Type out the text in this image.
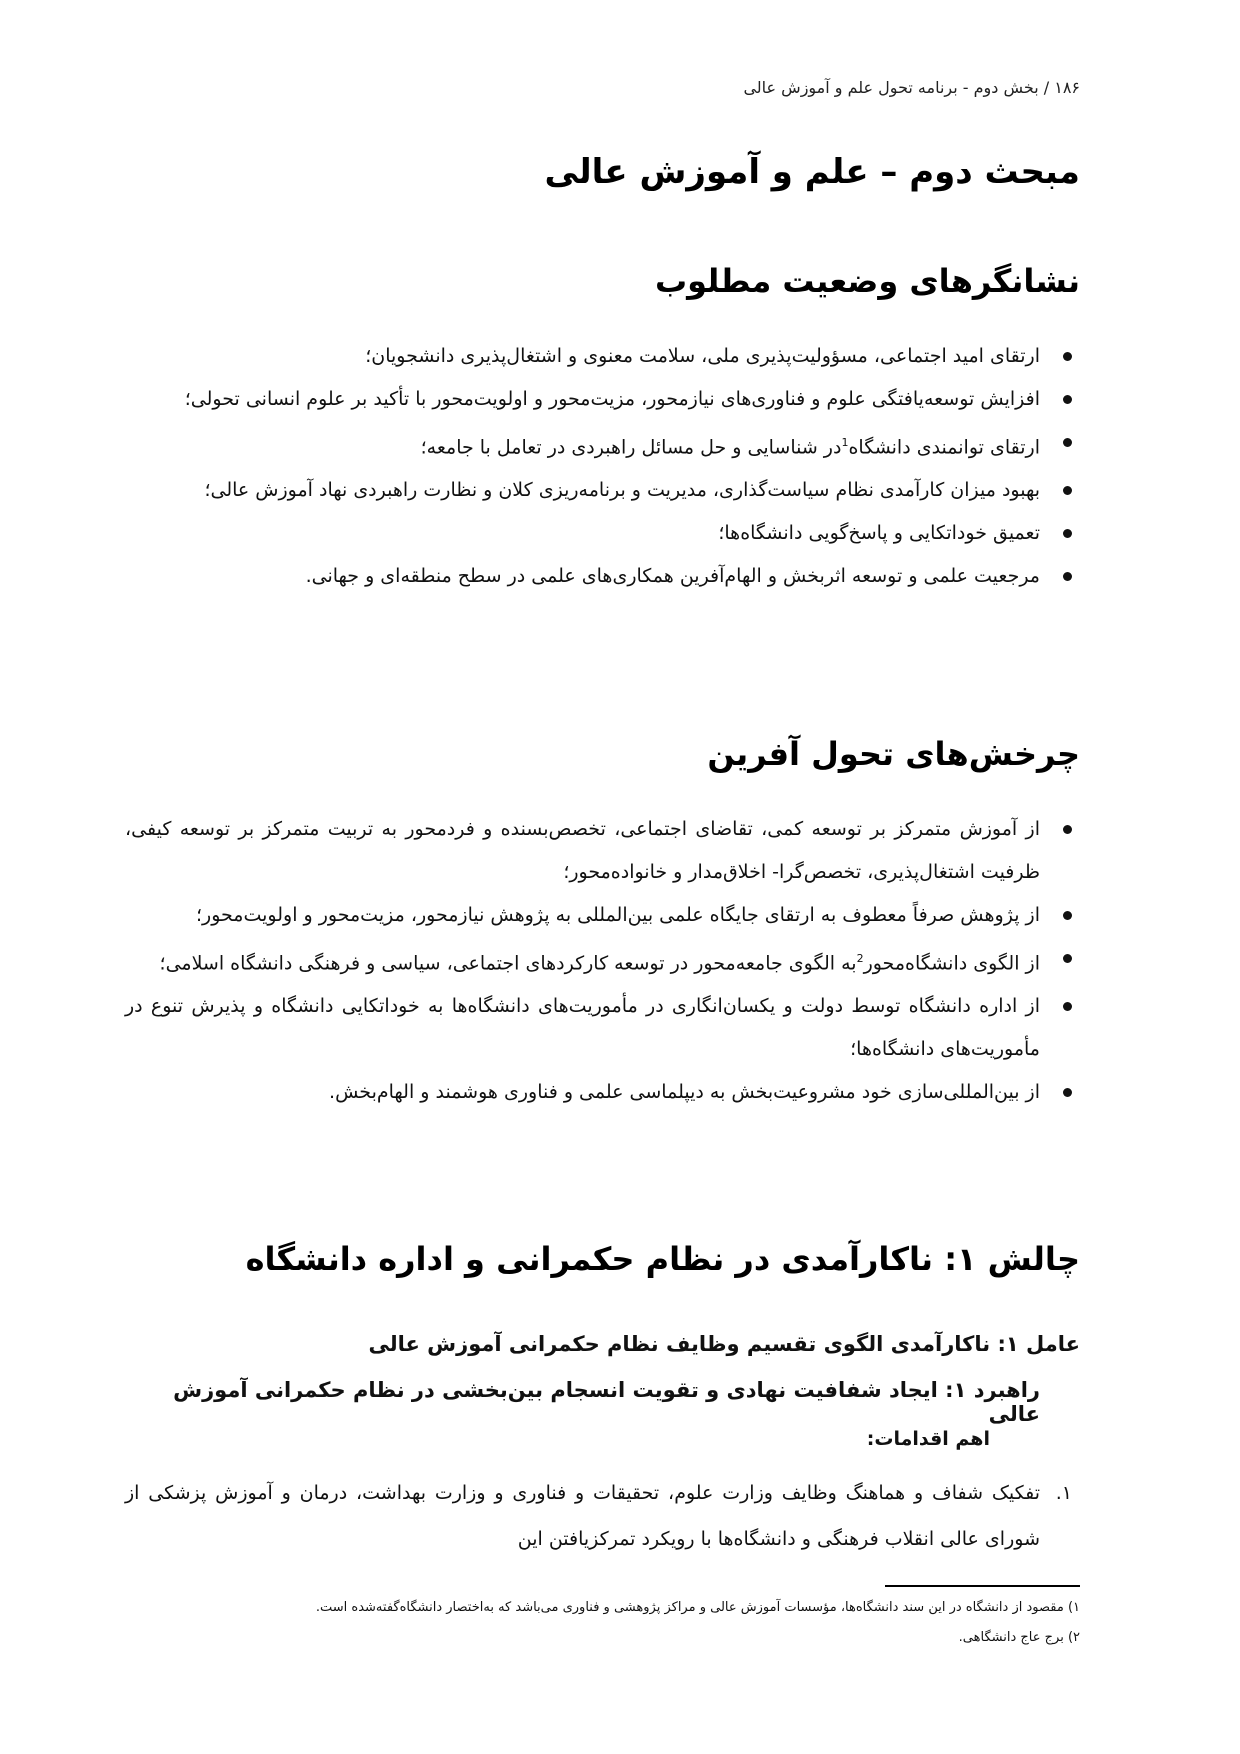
۱۸۶ / بخش دوم - برنامه تحول علم و آموزش عالی
مبحث دوم – علم و آموزش عالی
نشانگرهای وضعیت مطلوب
ارتقای امید اجتماعی، مسؤولیت‌پذیری ملی، سلامت معنوی و اشتغال‌پذیری دانشجویان؛
افزایش توسعه‌یافتگی علوم و فناوری‌های نیازمحور، مزیت‌محور و اولویت‌محور با تأکید بر علوم انسانی تحولی؛
ارتقای توانمندی دانشگاه$^1$در شناسایی و حل مسائل راهبردی در تعامل با جامعه؛
بهبود میزان کارآمدی نظام سیاست‌گذاری، مدیریت و برنامه‌ریزی کلان و نظارت راهبردی نهاد آموزش عالی؛
تعمیق خوداتکایی و پاسخ‌گویی دانشگاه‌ها؛
مرجعیت علمی و توسعه اثربخش و الهام‌آفرین همکاری‌های علمی در سطح منطقه‌ای و جهانی.
چرخش‌های تحول آفرین
از آموزش متمرکز بر توسعه کمی، تقاضای اجتماعی، تخصص‌بسنده و فردمحور به تربیت متمرکز بر توسعه کیفی، ظرفیت اشتغال‌پذیری، تخصص‌گرا- اخلاق‌مدار و خانواده‌محور؛
از پژوهش صرفاً معطوف به ارتقای جایگاه علمی بین‌المللی به پژوهش نیازمحور، مزیت‌محور و اولویت‌محور؛
از الگوی دانشگاه‌محور$^2$به الگوی جامعه‌محور در توسعه کارکردهای اجتماعی، سیاسی و فرهنگی دانشگاه اسلامی؛
از اداره دانشگاه توسط دولت و یکسان‌انگاری در مأموریت‌های دانشگاه‌ها به خوداتکایی دانشگاه و پذیرش تنوع در مأموریت‌های دانشگاه‌ها؛
از بین‌المللی‌سازی خود مشروعیت‌بخش به دیپلماسی علمی و فناوری هوشمند و الهام‌بخش.
چالش ۱: ناکارآمدی در نظام حکمرانی و اداره دانشگاه
عامل ۱: ناکارآمدی الگوی تقسیم وظایف نظام حکمرانی آموزش عالی
راهبرد ۱: ایجاد شفافیت نهادی و تقویت انسجام بین‌بخشی در نظام حکمرانی آموزش عالی
اهم اقدامات:
۱.
تفکیک شفاف و هماهنگ وظایف وزارت علوم، تحقیقات و فناوری و وزارت بهداشت، درمان و آموزش پزشکی از شورای عالی انقلاب فرهنگی و دانشگاه‌ها با رویکرد تمرکزیافتن این
۱) مقصود از دانشگاه در این سند دانشگاه‌ها، مؤسسات آموزش عالی و مراکز پژوهشی و فناوری می‌باشد که به‌اختصار دانشگاه‌گفته‌شده است.
۲) برج عاج دانشگاهی.
